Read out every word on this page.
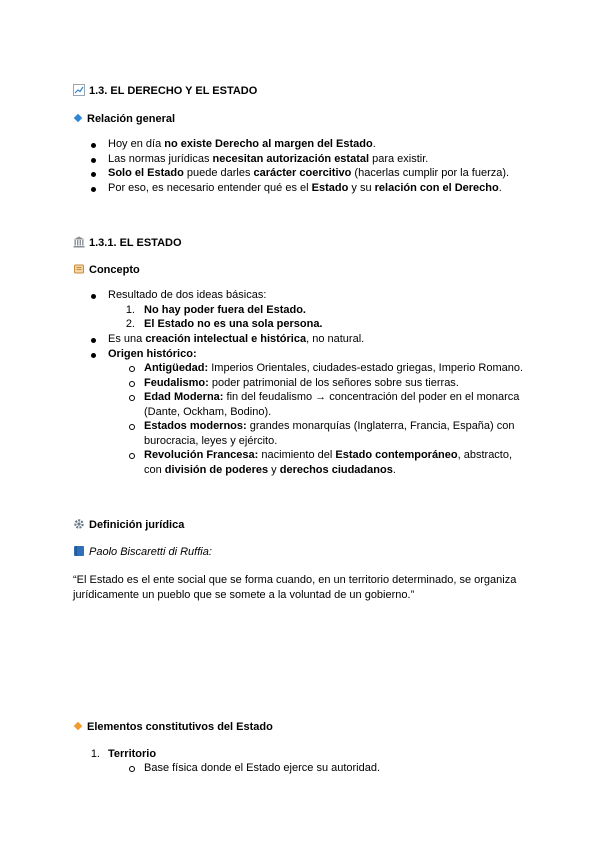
1.3. EL DERECHO Y EL ESTADO
Relación general
Hoy en día no existe Derecho al margen del Estado.
Las normas jurídicas necesitan autorización estatal para existir.
Solo el Estado puede darles carácter coercitivo (hacerlas cumplir por la fuerza).
Por eso, es necesario entender qué es el Estado y su relación con el Derecho.
1.3.1. EL ESTADO
Concepto
Resultado de dos ideas básicas:
1. No hay poder fuera del Estado.
2. El Estado no es una sola persona.
Es una creación intelectual e histórica, no natural.
Origen histórico:
Antigüedad: Imperios Orientales, ciudades-estado griegas, Imperio Romano.
Feudalismo: poder patrimonial de los señores sobre sus tierras.
Edad Moderna: fin del feudalismo → concentración del poder en el monarca
(Dante, Ockham, Bodino).
Estados modernos: grandes monarquías (Inglaterra, Francia, España) con
burocracia, leyes y ejército.
Revolución Francesa: nacimiento del Estado contemporáneo, abstracto,
con división de poderes y derechos ciudadanos.
Definición jurídica
Paolo Biscaretti di Ruffia:
“El Estado es el ente social que se forma cuando, en un territorio determinado, se organiza
jurídicamente un pueblo que se somete a la voluntad de un gobierno.”
Elementos constitutivos del Estado
1. Territorio
Base física donde el Estado ejerce su autoridad.
